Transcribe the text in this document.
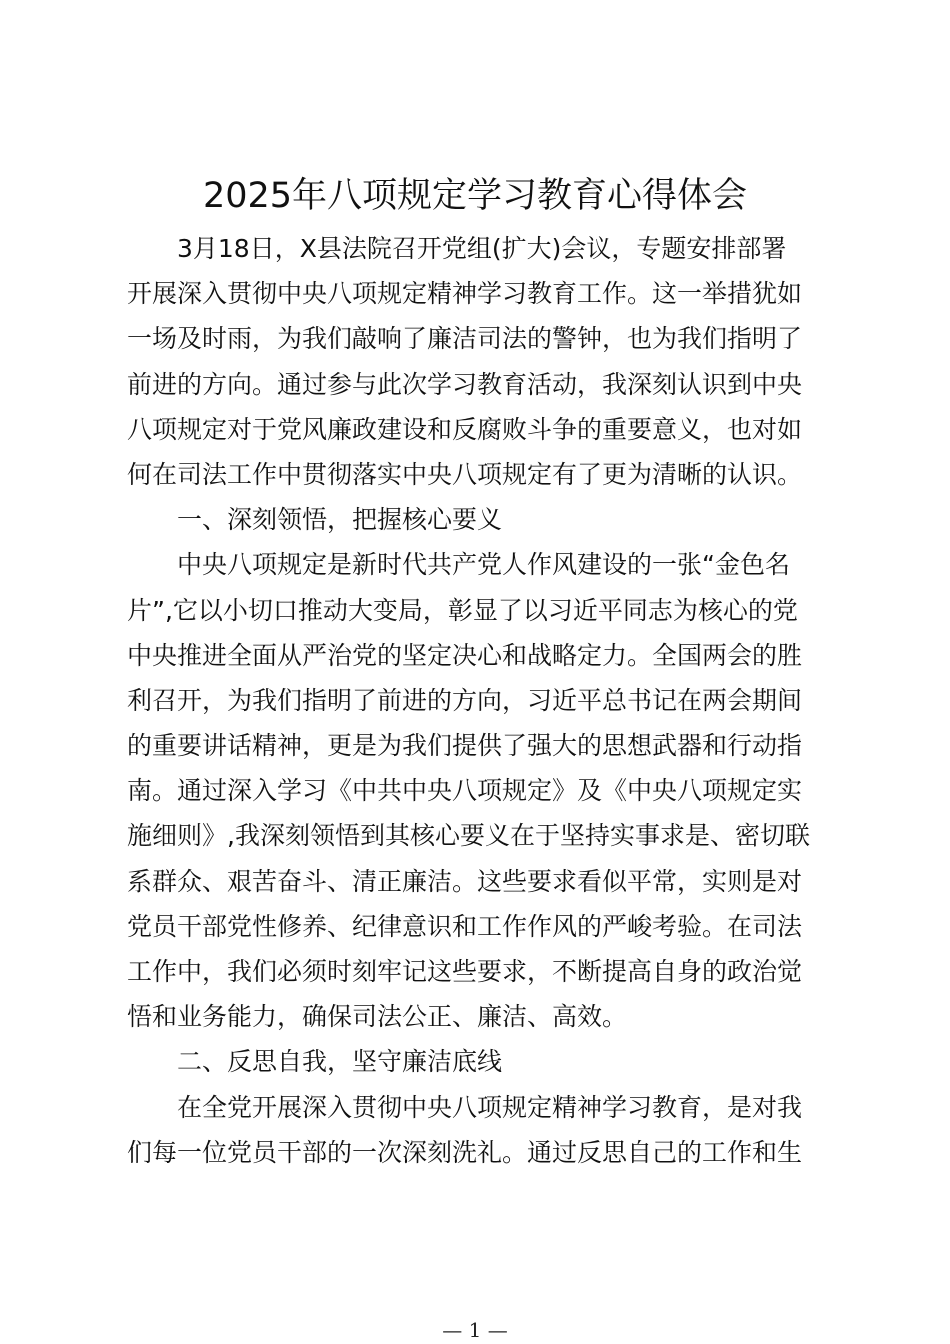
2025年八项规定学习教育心得体会
3月18日，X县法院召开党组(扩大)会议，专题安排部署
开展深入贯彻中央八项规定精神学习教育工作。这一举措犹如
一场及时雨，为我们敲响了廉洁司法的警钟，也为我们指明了
前进的方向。通过参与此次学习教育活动，我深刻认识到中央
八项规定对于党风廉政建设和反腐败斗争的重要意义，也对如
何在司法工作中贯彻落实中央八项规定有了更为清晰的认识。
一、深刻领悟，把握核心要义
中央八项规定是新时代共产党人作风建设的一张“金色名
片”,它以小切口推动大变局，彰显了以习近平同志为核心的党
中央推进全面从严治党的坚定决心和战略定力。全国两会的胜
利召开，为我们指明了前进的方向，习近平总书记在两会期间
的重要讲话精神，更是为我们提供了强大的思想武器和行动指
南。通过深入学习《中共中央八项规定》及《中央八项规定实
施细则》,我深刻领悟到其核心要义在于坚持实事求是、密切联
系群众、艰苦奋斗、清正廉洁。这些要求看似平常，实则是对
党员干部党性修养、纪律意识和工作作风的严峻考验。在司法
工作中，我们必须时刻牢记这些要求，不断提高自身的政治觉
悟和业务能力，确保司法公正、廉洁、高效。
二、反思自我，坚守廉洁底线
在全党开展深入贯彻中央八项规定精神学习教育，是对我
们每一位党员干部的一次深刻洗礼。通过反思自己的工作和生
— 1 —
